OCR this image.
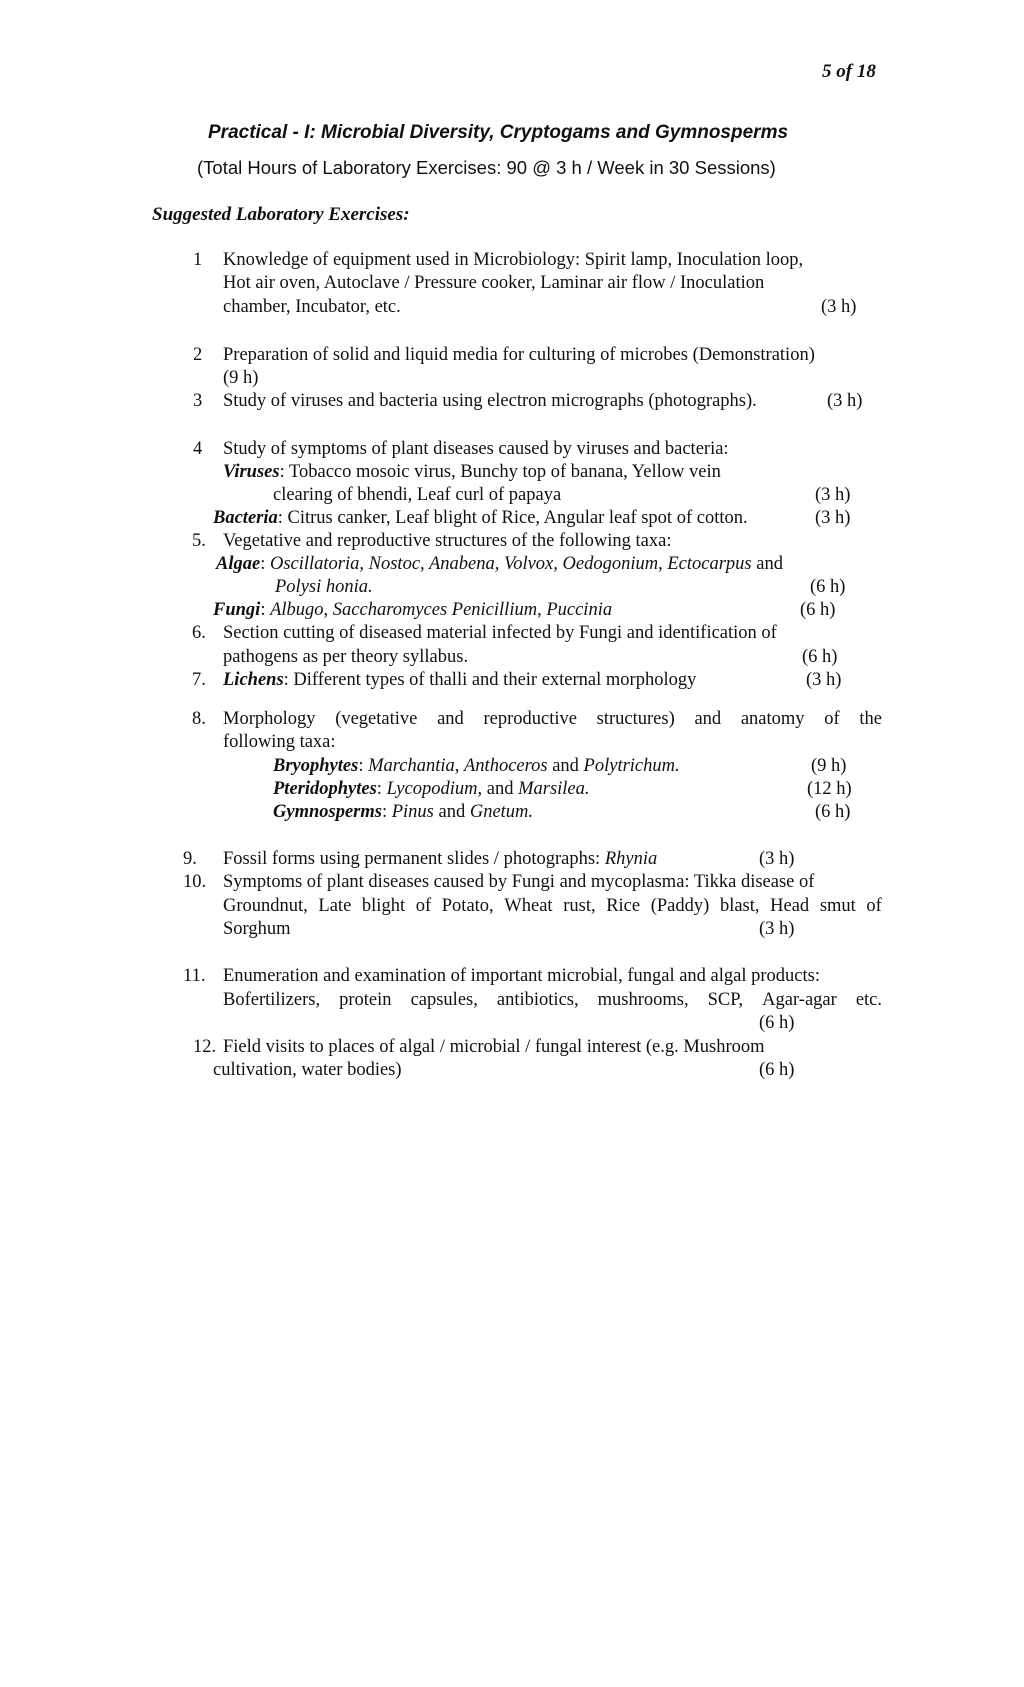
5 of 18
Practical - I: Microbial Diversity, Cryptogams and Gymnosperms
(Total Hours of Laboratory Exercises: 90 @ 3 h / Week in 30 Sessions)
Suggested Laboratory Exercises:
1 Knowledge of equipment used in Microbiology: Spirit lamp, Inoculation loop,
Hot air oven, Autoclave / Pressure cooker, Laminar air flow / Inoculation
chamber, Incubator, etc.	(3 h)
2 Preparation of solid and liquid media for culturing of microbes (Demonstration)
(9 h)
3 Study of viruses and bacteria using electron micrographs (photographs).	(3 h)
4 Study of symptoms of plant diseases caused by viruses and bacteria:
Viruses: Tobacco mosoic virus, Bunchy top of banana, Yellow vein
clearing of bhendi, Leaf curl of papaya	(3 h)
Bacteria: Citrus canker, Leaf blight of Rice, Angular leaf spot of cotton.	(3 h)
5. Vegetative and reproductive structures of the following taxa:
Algae: Oscillatoria, Nostoc, Anabena, Volvox, Oedogonium, Ectocarpus and
Polysi honia.	(6 h)
Fungi: Albugo, Saccharomyces Penicillium, Puccinia	(6 h)
6. Section cutting of diseased material infected by Fungi and identification of
pathogens as per theory syllabus.	(6 h)
7. Lichens: Different types of thalli and their external morphology	(3 h)
8. Morphology (vegetative and reproductive structures) and anatomy of the
following taxa:
Bryophytes: Marchantia, Anthoceros and Polytrichum.	(9 h)
Pteridophytes: Lycopodium, and Marsilea.	(12 h)
Gymnosperms: Pinus and Gnetum.	(6 h)
9. Fossil forms using permanent slides / photographs: Rhynia	(3 h)
10. Symptoms of plant diseases caused by Fungi and mycoplasma: Tikka disease of
Groundnut, Late blight of Potato, Wheat rust, Rice (Paddy) blast, Head smut of
Sorghum	(3 h)
11. Enumeration and examination of important microbial, fungal and algal products:
Bofertilizers, protein capsules, antibiotics, mushrooms, SCP, Agar-agar etc.
(6 h)
12. Field visits to places of algal / microbial / fungal interest (e.g. Mushroom
cultivation, water bodies)	(6 h)
